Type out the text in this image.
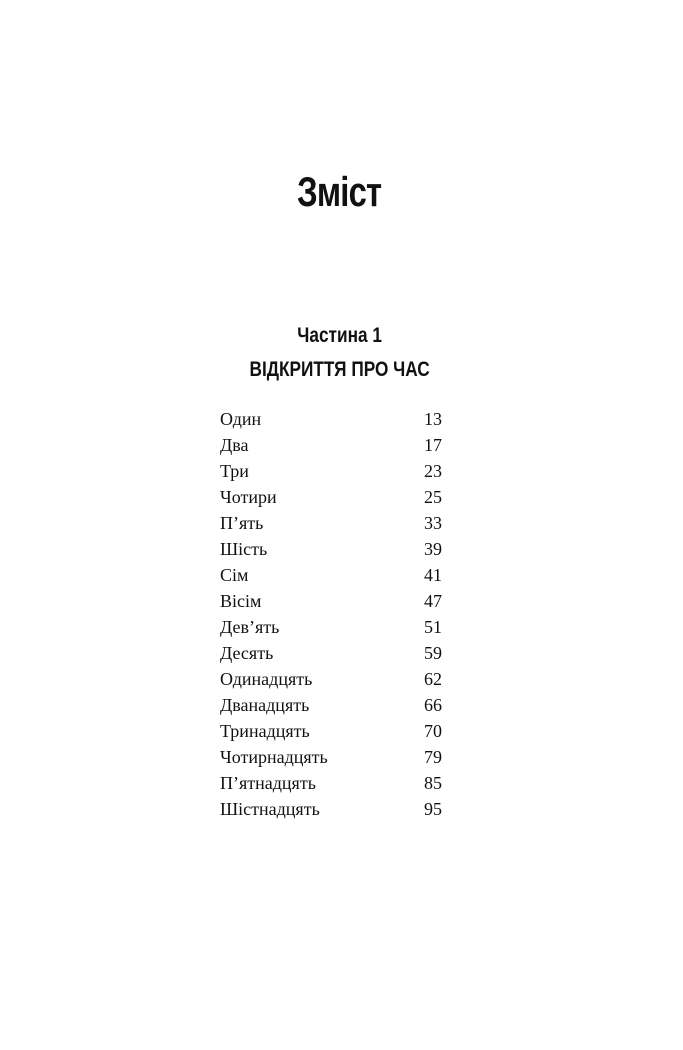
Зміст
Частина 1
ВІДКРИТТЯ ПРО ЧАС
Один	13
Два	17
Три	23
Чотири	25
П’ять	33
Шість	39
Сім	41
Вісім	47
Дев’ять	51
Десять	59
Одинадцять	62
Дванадцять	66
Тринадцять	70
Чотирнадцять	79
П’ятнадцять	85
Шістнадцять	95
